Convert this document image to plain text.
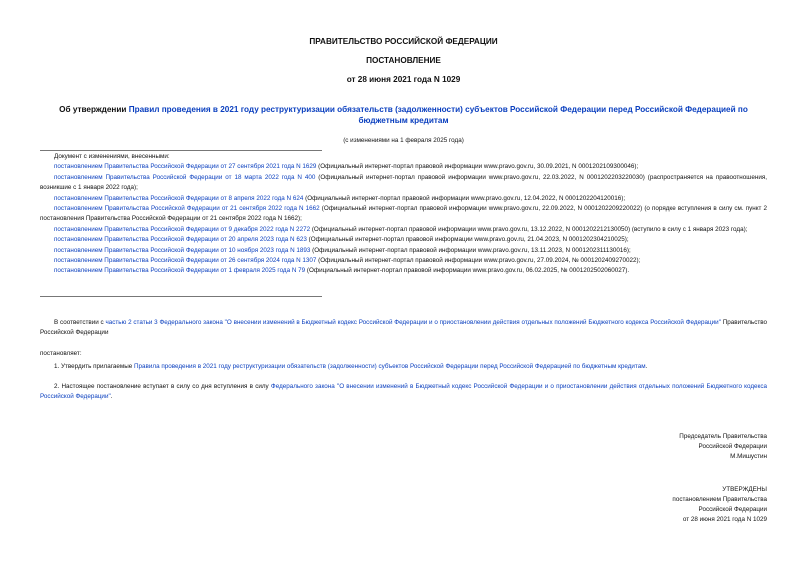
ПРАВИТЕЛЬСТВО РОССИЙСКОЙ ФЕДЕРАЦИИ
ПОСТАНОВЛЕНИЕ
от 28 июня 2021 года N 1029
Об утверждении Правил проведения в 2021 году реструктуризации обязательств (задолженности) субъектов Российской Федерации перед Российской Федерацией по бюджетным кредитам
(с изменениями на 1 февраля 2025 года)

Документ с изменениями, внесенными:

постановлением Правительства Российской Федерации от 27 сентября 2021 года N 1629 (Официальный интернет-портал правовой информации www.pravo.gov.ru, 30.09.2021, N 0001202109300046);

постановлением Правительства Российской Федерации от 18 марта 2022 года N 400 (Официальный интернет-портал правовой информации www.pravo.gov.ru, 22.03.2022, N 0001202203220030) (распространяется на правоотношения, возникшие с 1 января 2022 года);

постановлением Правительства Российской Федерации от 8 апреля 2022 года N 624 (Официальный интернет-портал правовой информации www.pravo.gov.ru, 12.04.2022, N 0001202204120016);

постановлением Правительства Российской Федерации от 21 сентября 2022 года N 1662 (Официальный интернет-портал правовой информации www.pravo.gov.ru, 22.09.2022, N 0001202209220022) (о порядке вступления в силу см. пункт 2 постановления Правительства Российской Федерации от 21 сентября 2022 года N 1662);

постановлением Правительства Российской Федерации от 9 декабря 2022 года N 2272 (Официальный интернет-портал правовой информации www.pravo.gov.ru, 13.12.2022, N 0001202212130050) (вступило в силу с 1 января 2023 года);

постановлением Правительства Российской Федерации от 20 апреля 2023 года N 623 (Официальный интернет-портал правовой информации www.pravo.gov.ru, 21.04.2023, N 0001202304210025);

постановлением Правительства Российской Федерации от 10 ноября 2023 года N 1893 (Официальный интернет-портал правовой информации www.pravo.gov.ru, 13.11.2023, N 0001202311130016);

постановлением Правительства Российской Федерации от 26 сентября 2024 года N 1307 (Официальный интернет-портал правовой информации www.pravo.gov.ru, 27.09.2024, № 0001202409270022);

постановлением Правительства Российской Федерации от 1 февраля 2025 года N 79 (Официальный интернет-портал правовой информации www.pravo.gov.ru, 06.02.2025, № 0001202502060027).

В соответствии с частью 2 статьи 3 Федерального закона "О внесении изменений в Бюджетный кодекс Российской Федерации и о приостановлении действия отдельных положений Бюджетного кодекса Российской Федерации" Правительство Российской Федерации

постановляет:

1. Утвердить прилагаемые Правила проведения в 2021 году реструктуризации обязательств (задолженности) субъектов Российской Федерации перед Российской Федерацией по бюджетным кредитам.

2. Настоящее постановление вступает в силу со дня вступления в силу Федерального закона "О внесении изменений в Бюджетный кодекс Российской Федерации и о приостановлении действия отдельных положений Бюджетного кодекса Российской Федерации".

Председатель Правительства
Российской Федерации
М.Мишустин
УТВЕРЖДЕНЫ
постановлением Правительства
Российской Федерации
от 28 июня 2021 года N 1029
